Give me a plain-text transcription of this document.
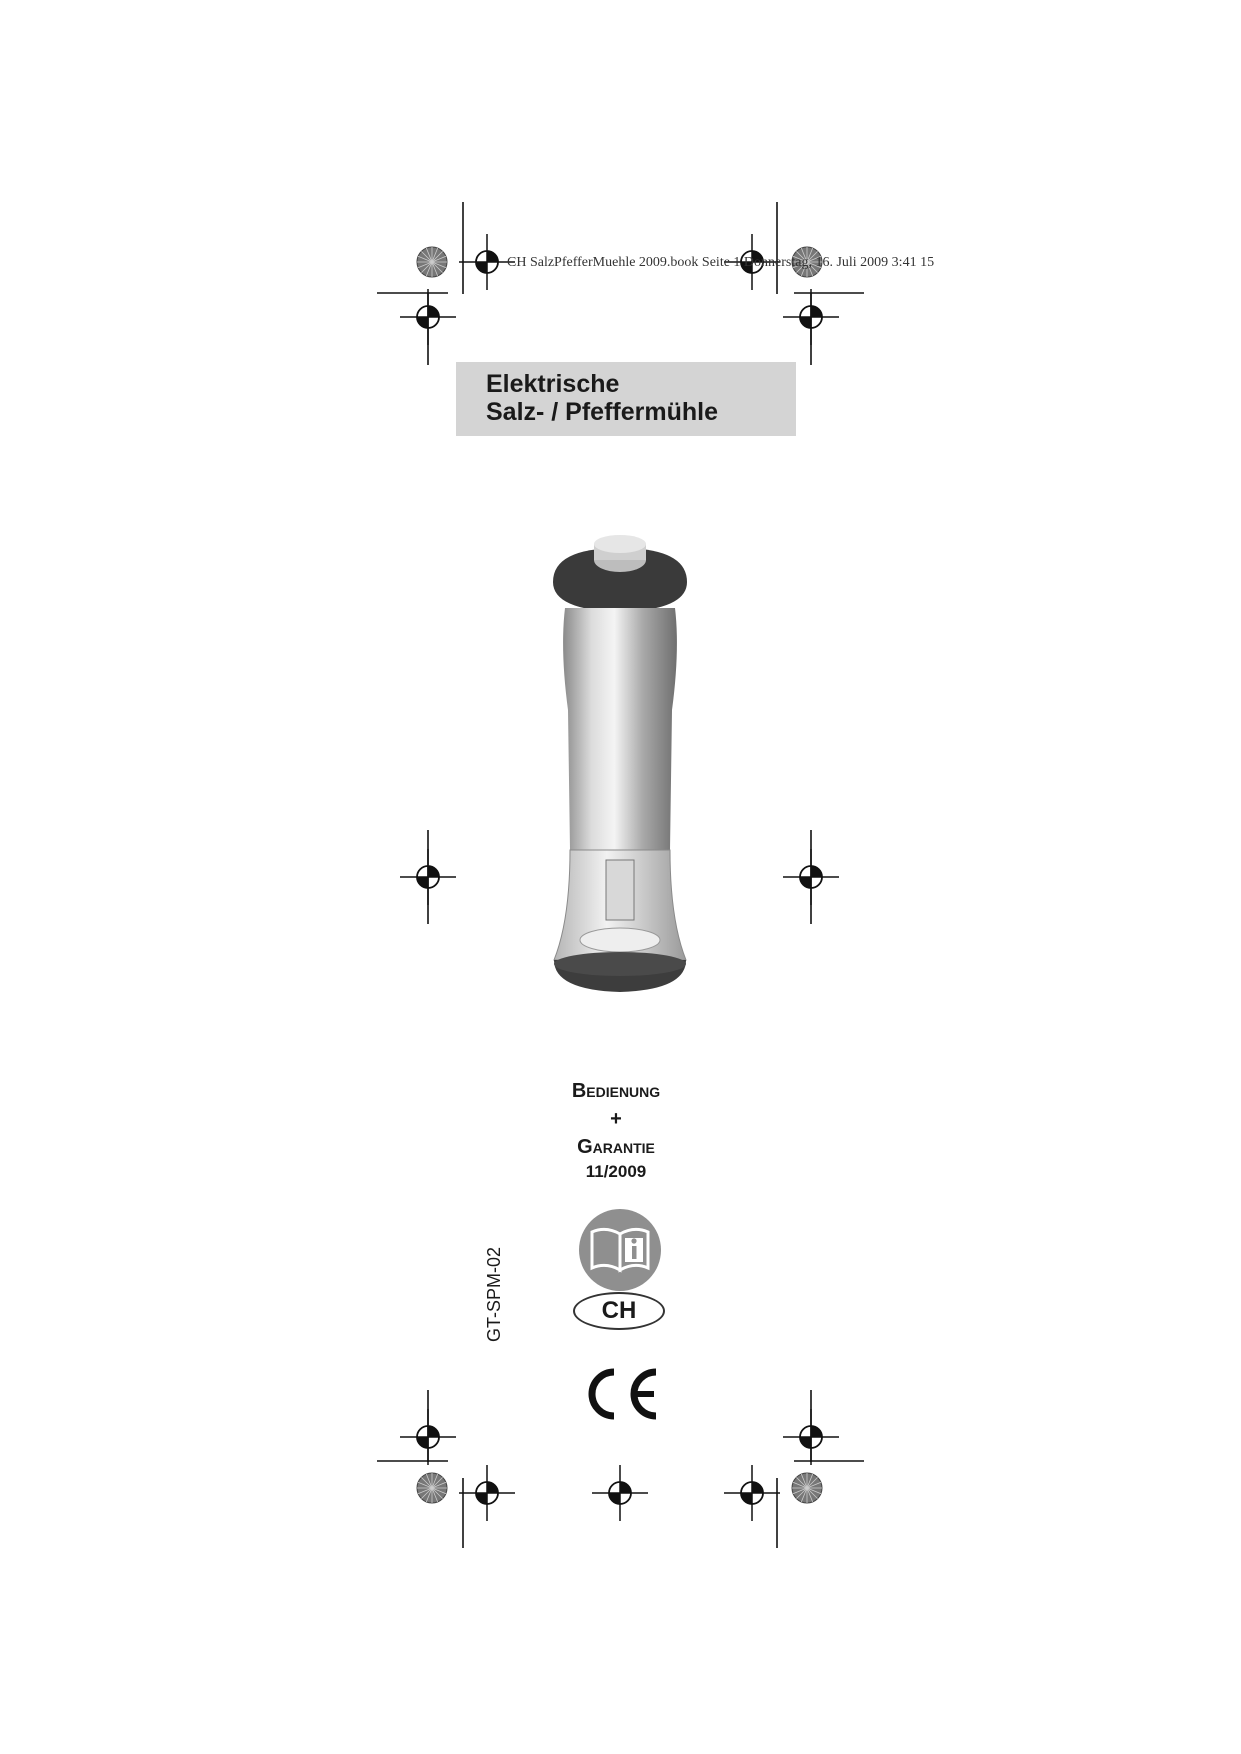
CH SalzPfefferMuehle 2009.book Seite 1 Donnerstag, 16. Juli 2009 3:41 15
Elektrische
Salz- / Pfeffermühle
Bedienung
+
Garantie
11/2009
CH
GT-SPM-02
